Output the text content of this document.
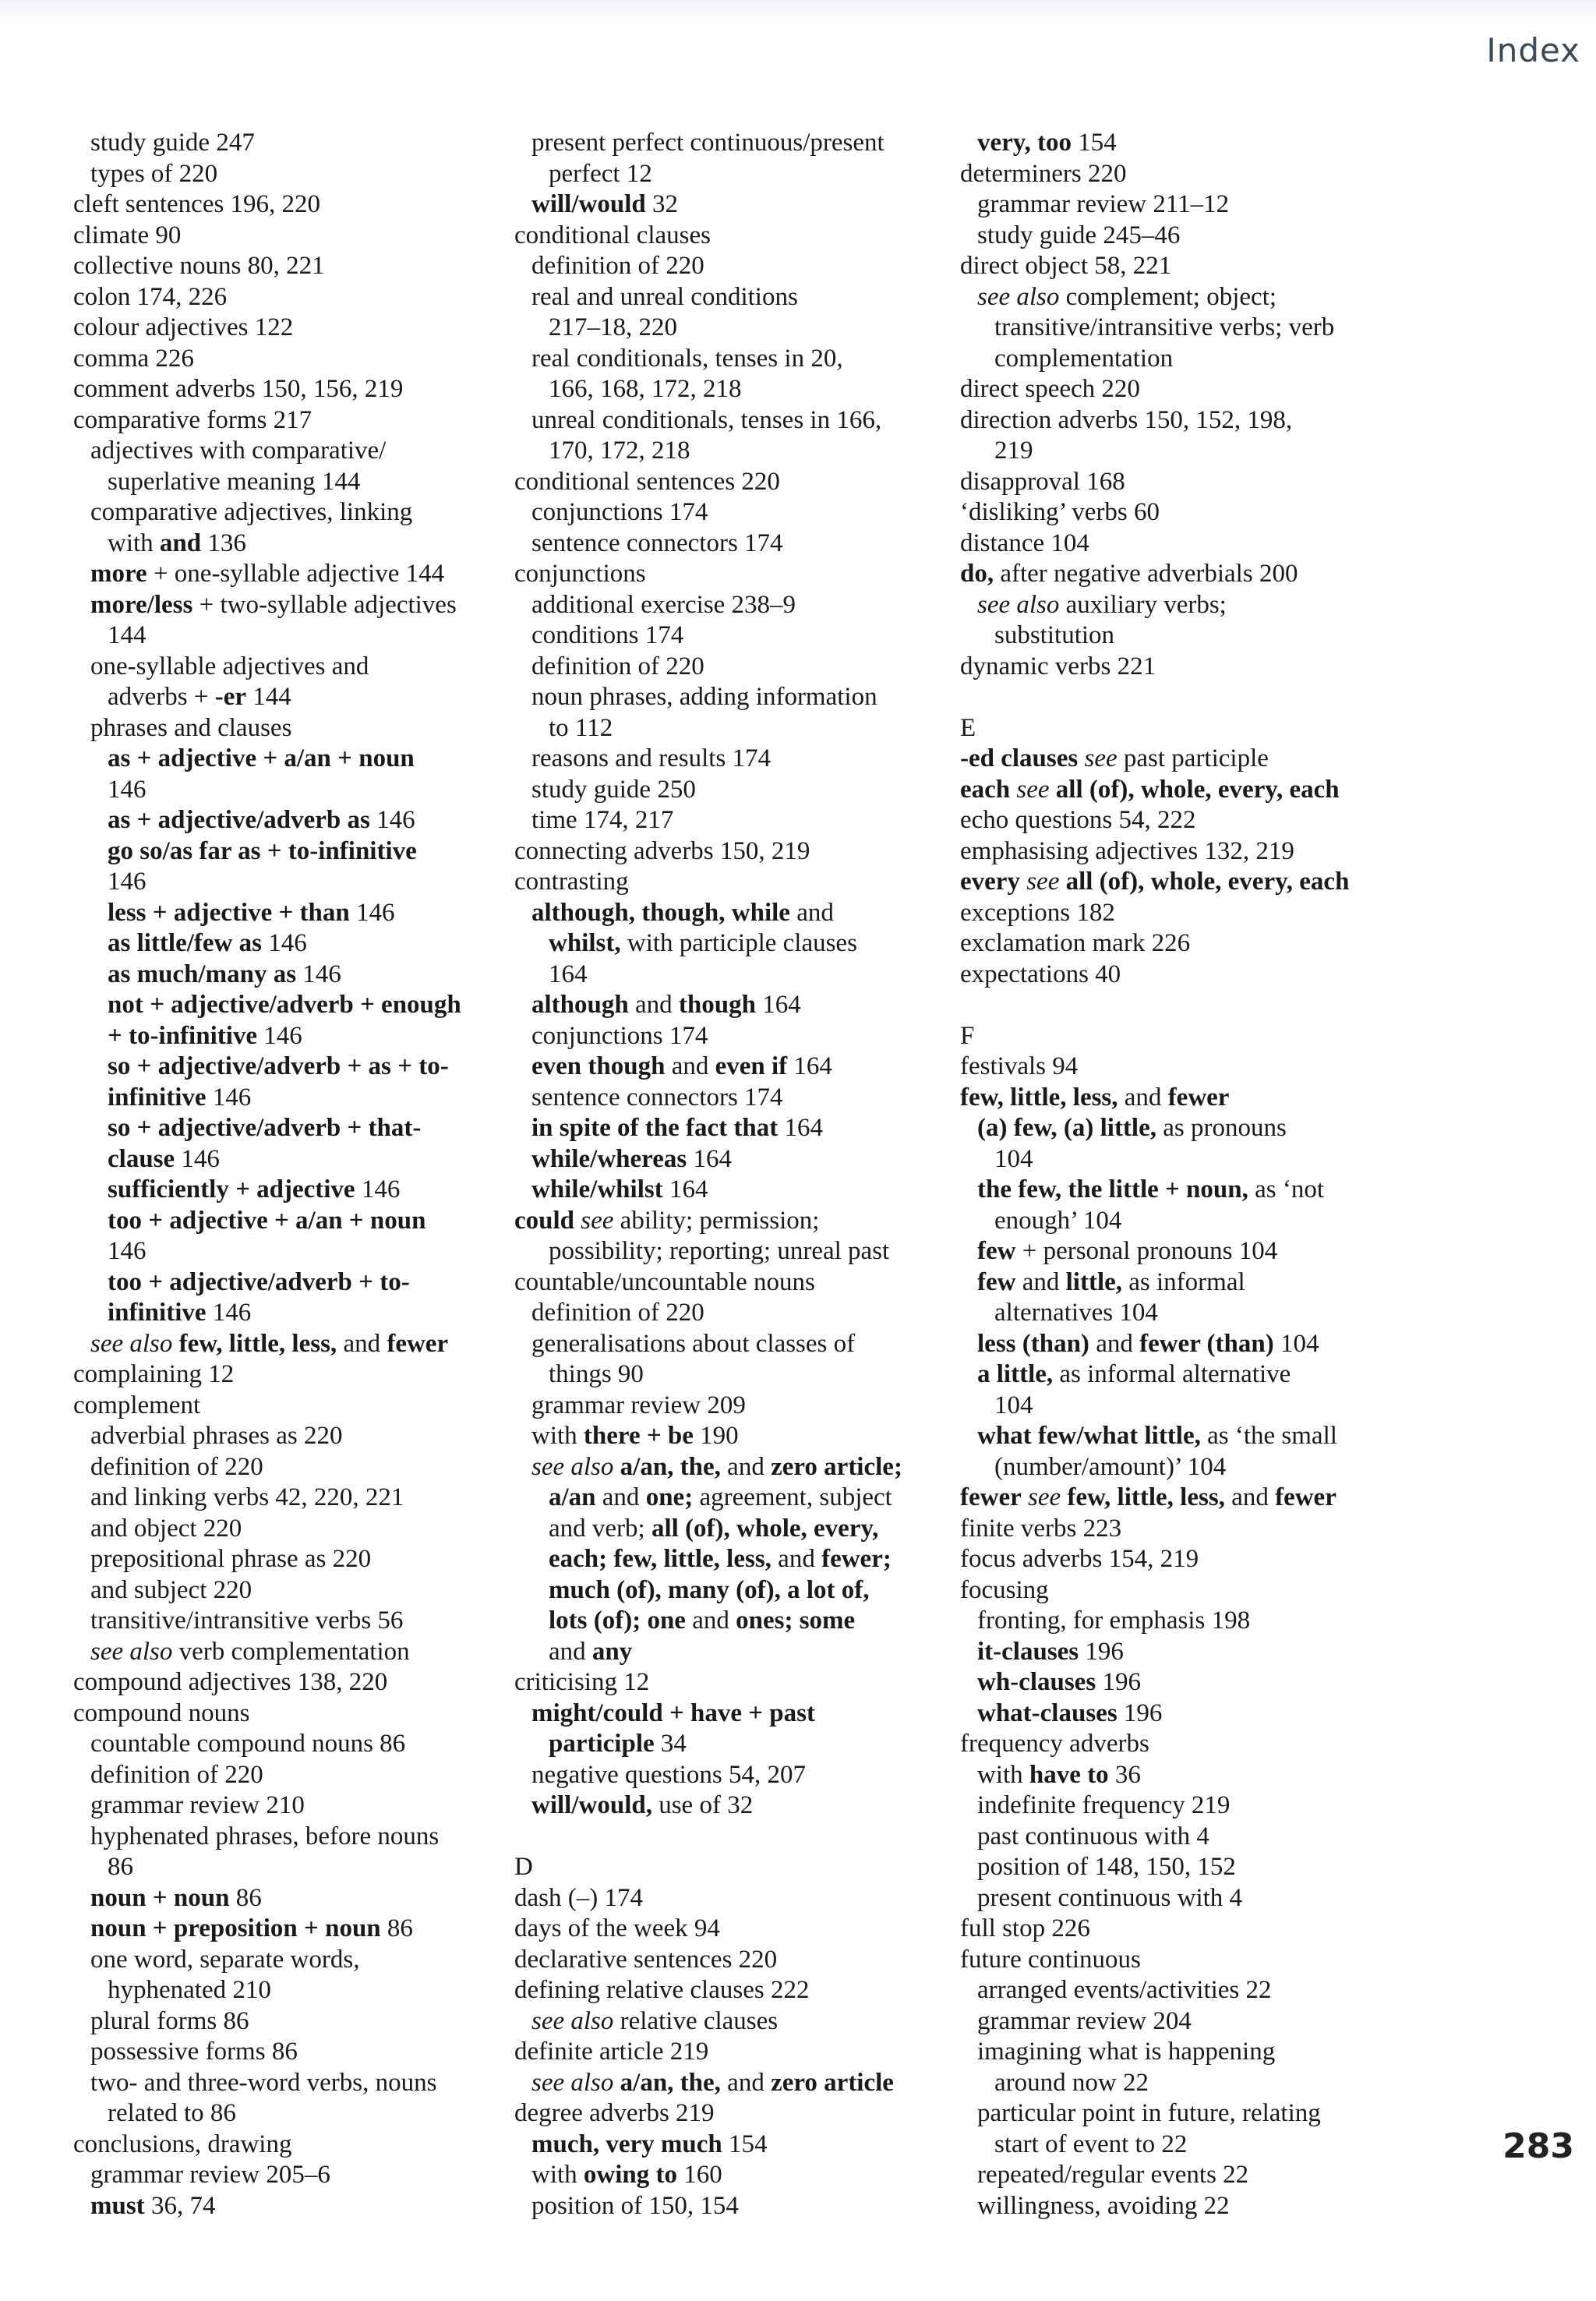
Index
study guide 247
types of 220
cleft sentences 196, 220
climate 90
collective nouns 80, 221
colon 174, 226
colour adjectives 122
comma 226
comment adverbs 150, 156, 219
comparative forms 217
adjectives with comparative/
superlative meaning 144
comparative adjectives, linking
with and 136
more + one-syllable adjective 144
more/less + two-syllable adjectives
144
one-syllable adjectives and
adverbs + -er 144
phrases and clauses
as + adjective + a/an + noun
146
as + adjective/adverb as 146
go so/as far as + to-infinitive
146
less + adjective + than 146
as little/few as 146
as much/many as 146
not + adjective/adverb + enough
+ to-infinitive 146
so + adjective/adverb + as + to-
infinitive 146
so + adjective/adverb + that-
clause 146
sufficiently + adjective 146
too + adjective + a/an + noun
146
too + adjective/adverb + to-
infinitive 146
see also few, little, less, and fewer
complaining 12
complement
adverbial phrases as 220
definition of 220
and linking verbs 42, 220, 221
and object 220
prepositional phrase as 220
and subject 220
transitive/intransitive verbs 56
see also verb complementation
compound adjectives 138, 220
compound nouns
countable compound nouns 86
definition of 220
grammar review 210
hyphenated phrases, before nouns
86
noun + noun 86
noun + preposition + noun 86
one word, separate words,
hyphenated 210
plural forms 86
possessive forms 86
two- and three-word verbs, nouns
related to 86
conclusions, drawing
grammar review 205–6
must 36, 74
present perfect continuous/present
perfect 12
will/would 32
conditional clauses
definition of 220
real and unreal conditions
217–18, 220
real conditionals, tenses in 20,
166, 168, 172, 218
unreal conditionals, tenses in 166,
170, 172, 218
conditional sentences 220
conjunctions 174
sentence connectors 174
conjunctions
additional exercise 238–9
conditions 174
definition of 220
noun phrases, adding information
to 112
reasons and results 174
study guide 250
time 174, 217
connecting adverbs 150, 219
contrasting
although, though, while and
whilst, with participle clauses
164
although and though 164
conjunctions 174
even though and even if 164
sentence connectors 174
in spite of the fact that 164
while/whereas 164
while/whilst 164
could see ability; permission;
possibility; reporting; unreal past
countable/uncountable nouns
definition of 220
generalisations about classes of
things 90
grammar review 209
with there + be 190
see also a/an, the, and zero article;
a/an and one; agreement, subject
and verb; all (of), whole, every,
each; few, little, less, and fewer;
much (of), many (of), a lot of,
lots (of); one and ones; some
and any
criticising 12
might/could + have + past
participle 34
negative questions 54, 207
will/would, use of 32
D
dash (–) 174
days of the week 94
declarative sentences 220
defining relative clauses 222
see also relative clauses
definite article 219
see also a/an, the, and zero article
degree adverbs 219
much, very much 154
with owing to 160
position of 150, 154
very, too 154
determiners 220
grammar review 211–12
study guide 245–46
direct object 58, 221
see also complement; object;
transitive/intransitive verbs; verb
complementation
direct speech 220
direction adverbs 150, 152, 198,
219
disapproval 168
‘disliking’ verbs 60
distance 104
do, after negative adverbials 200
see also auxiliary verbs;
substitution
dynamic verbs 221
E
-ed clauses see past participle
each see all (of), whole, every, each
echo questions 54, 222
emphasising adjectives 132, 219
every see all (of), whole, every, each
exceptions 182
exclamation mark 226
expectations 40
F
festivals 94
few, little, less, and fewer
(a) few, (a) little, as pronouns
104
the few, the little + noun, as ‘not
enough’ 104
few + personal pronouns 104
few and little, as informal
alternatives 104
less (than) and fewer (than) 104
a little, as informal alternative
104
what few/what little, as ‘the small
(number/amount)’ 104
fewer see few, little, less, and fewer
finite verbs 223
focus adverbs 154, 219
focusing
fronting, for emphasis 198
it-clauses 196
wh-clauses 196
what-clauses 196
frequency adverbs
with have to 36
indefinite frequency 219
past continuous with 4
position of 148, 150, 152
present continuous with 4
full stop 226
future continuous
arranged events/activities 22
grammar review 204
imagining what is happening
around now 22
particular point in future, relating
start of event to 22
repeated/regular events 22
willingness, avoiding 22
283
